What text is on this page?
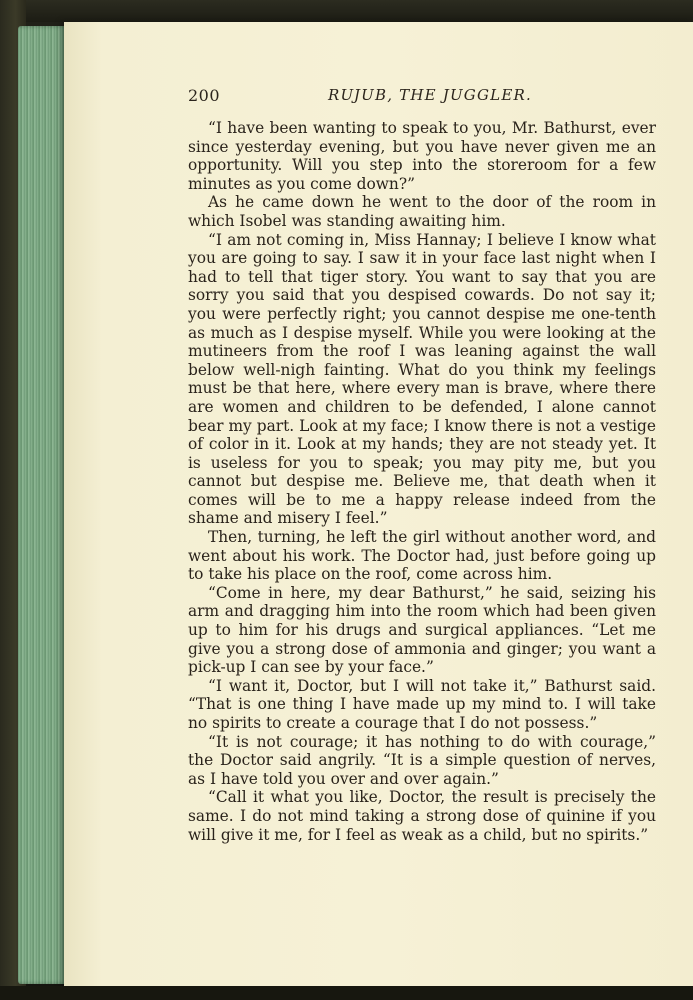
200	RUJUB, THE JUGGLER.

“I have been wanting to speak to you, Mr. Bathurst, ever since yesterday evening, but you have never given me an opportunity. Will you step into the storeroom for a few minutes as you come down?”

As he came down he went to the door of the room in which Isobel was standing awaiting him.

“I am not coming in, Miss Hannay; I believe I know what you are going to say. I saw it in your face last night when I had to tell that tiger story. You want to say that you are sorry you said that you despised cowards. Do not say it; you were perfectly right; you cannot despise me one-tenth as much as I despise myself. While you were looking at the mutineers from the roof I was leaning against the wall below well-nigh fainting. What do you think my feelings must be that here, where every man is brave, where there are women and children to be defended, I alone cannot bear my part. Look at my face; I know there is not a vestige of color in it. Look at my hands; they are not steady yet. It is useless for you to speak; you may pity me, but you cannot but despise me. Believe me, that death when it comes will be to me a happy release indeed from the shame and misery I feel.”

Then, turning, he left the girl without another word, and went about his work. The Doctor had, just before going up to take his place on the roof, come across him.

“Come in here, my dear Bathurst,” he said, seizing his arm and dragging him into the room which had been given up to him for his drugs and surgical appliances. “Let me give you a strong dose of ammonia and ginger; you want a pick-up I can see by your face.”

“I want it, Doctor, but I will not take it,” Bathurst said. “That is one thing I have made up my mind to. I will take no spirits to create a courage that I do not possess.”

“It is not courage; it has nothing to do with courage,” the Doctor said angrily. “It is a simple question of nerves, as I have told you over and over again.”

“Call it what you like, Doctor, the result is precisely the same. I do not mind taking a strong dose of quinine if you will give it me, for I feel as weak as a child, but no spirits.”
